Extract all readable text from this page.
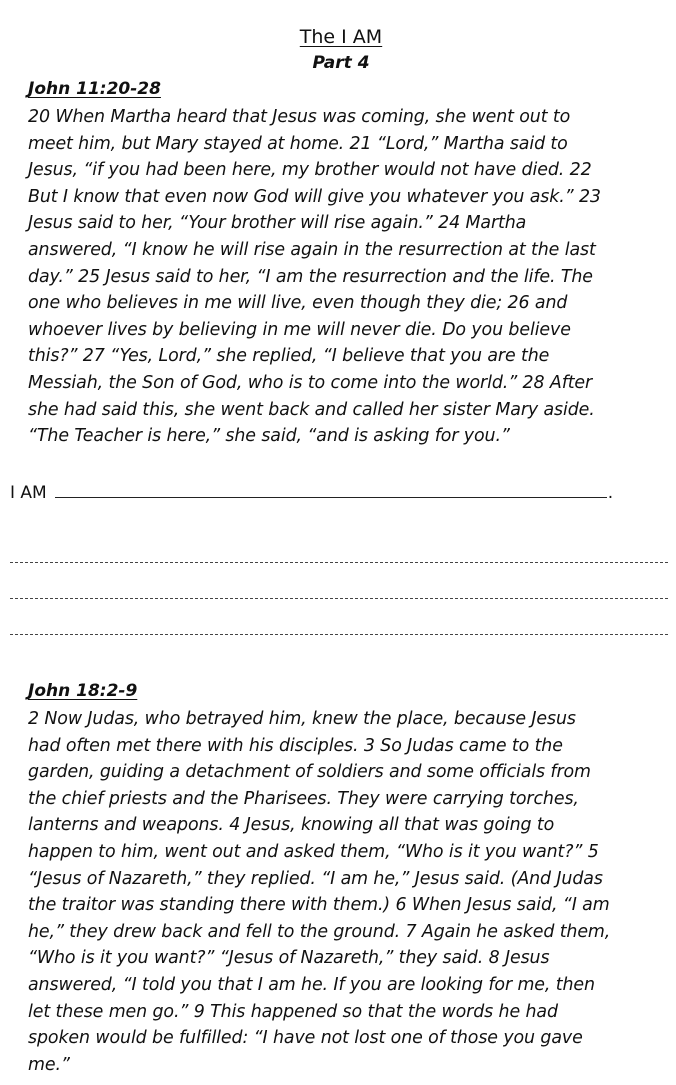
The I AM
Part 4
John 11:20-28
20 When Martha heard that Jesus was coming, she went out to
meet him, but Mary stayed at home. 21 “Lord,” Martha said to
Jesus, “if you had been here, my brother would not have died. 22
But I know that even now God will give you whatever you ask.” 23
Jesus said to her, “Your brother will rise again.” 24 Martha
answered, “I know he will rise again in the resurrection at the last
day.” 25 Jesus said to her, “I am the resurrection and the life. The
one who believes in me will live, even though they die; 26 and
whoever lives by believing in me will never die. Do you believe
this?” 27 “Yes, Lord,” she replied, “I believe that you are the
Messiah, the Son of God, who is to come into the world.” 28 After
she had said this, she went back and called her sister Mary aside.
“The Teacher is here,” she said, “and is asking for you.”
I AM	.
John 18:2-9
2 Now Judas, who betrayed him, knew the place, because Jesus
had often met there with his disciples. 3 So Judas came to the
garden, guiding a detachment of soldiers and some officials from
the chief priests and the Pharisees. They were carrying torches,
lanterns and weapons. 4 Jesus, knowing all that was going to
happen to him, went out and asked them, “Who is it you want?” 5
“Jesus of Nazareth,” they replied. “I am he,” Jesus said. (And Judas
the traitor was standing there with them.) 6 When Jesus said, “I am
he,” they drew back and fell to the ground. 7 Again he asked them,
“Who is it you want?” “Jesus of Nazareth,” they said. 8 Jesus
answered, “I told you that I am he. If you are looking for me, then
let these men go.” 9 This happened so that the words he had
spoken would be fulfilled: “I have not lost one of those you gave
me.”
